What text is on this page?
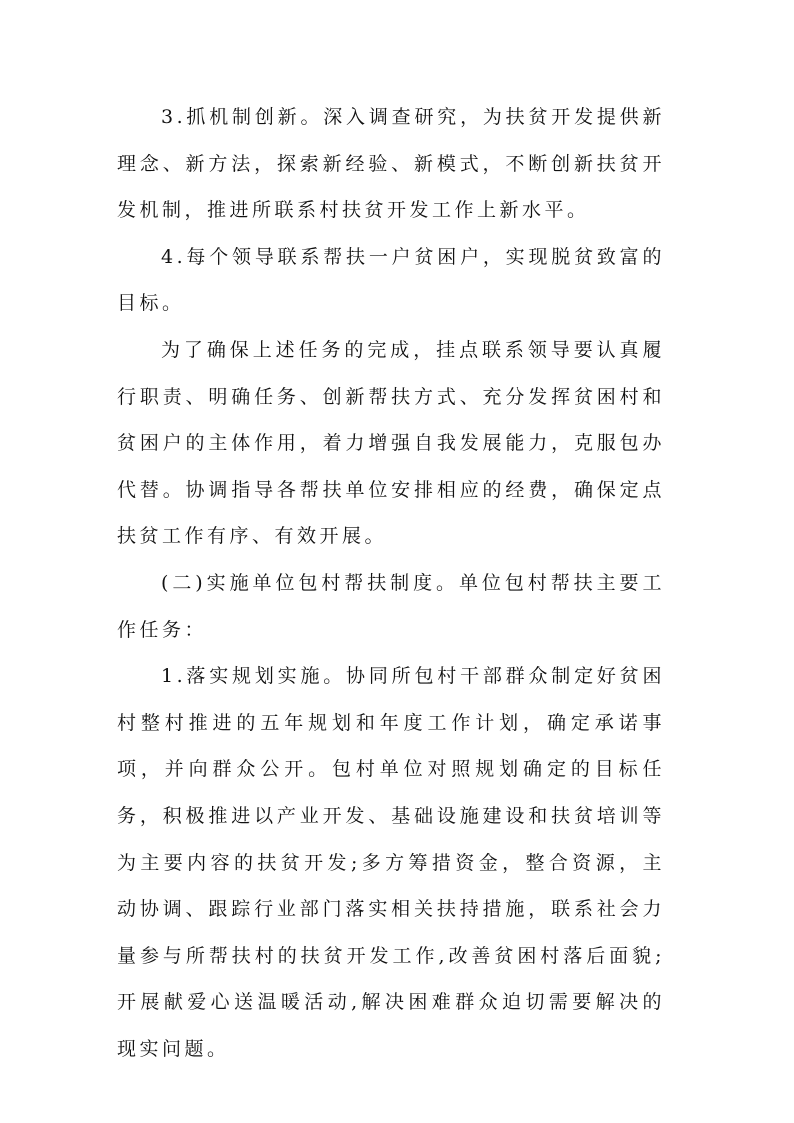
3.抓机制创新。深入调查研究，为扶贫开发提供新理念、新方法，探索新经验、新模式，不断创新扶贫开发机制，推进所联系村扶贫开发工作上新水平。

4.每个领导联系帮扶一户贫困户，实现脱贫致富的目标。

为了确保上述任务的完成，挂点联系领导要认真履行职责、明确任务、创新帮扶方式、充分发挥贫困村和贫困户的主体作用，着力增强自我发展能力，克服包办代替。协调指导各帮扶单位安排相应的经费，确保定点扶贫工作有序、有效开展。

(二)实施单位包村帮扶制度。单位包村帮扶主要工作任务：

1.落实规划实施。协同所包村干部群众制定好贫困村整村推进的五年规划和年度工作计划，确定承诺事项，并向群众公开。包村单位对照规划确定的目标任务，积极推进以产业开发、基础设施建设和扶贫培训等为主要内容的扶贫开发;多方筹措资金，整合资源，主动协调、跟踪行业部门落实相关扶持措施，联系社会力量参与所帮扶村的扶贫开发工作,改善贫困村落后面貌;开展献爱心送温暖活动,解决困难群众迫切需要解决的现实问题。
